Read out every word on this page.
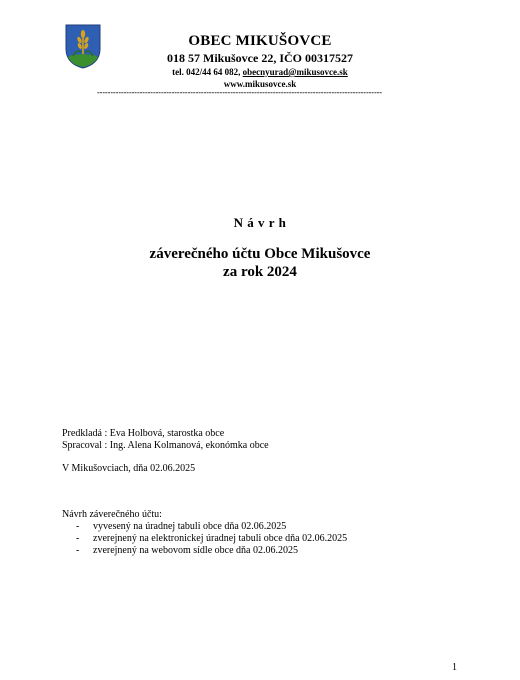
OBEC MIKUŠOVCE
018 57 Mikušovce 22, IČO 00317527
tel. 042/44 64 082, obecnyurad@mikusovce.sk
www.mikusovce.sk
-----------------------------------------------------------------------------------------------------------
N á v r h
záverečného účtu Obce Mikušovce
za rok 2024
Predkladá : Eva Holbová, starostka obce
Spracoval : Ing. Alena Kolmanová, ekonómka obce
V Mikušovciach, dňa 02.06.2025
Návrh záverečného účtu:
-	vyvesený na úradnej tabuli obce dňa 02.06.2025
-	zverejnený na elektronickej úradnej tabuli obce dňa 02.06.2025
-	zverejnený na webovom sídle obce dňa 02.06.2025
1
